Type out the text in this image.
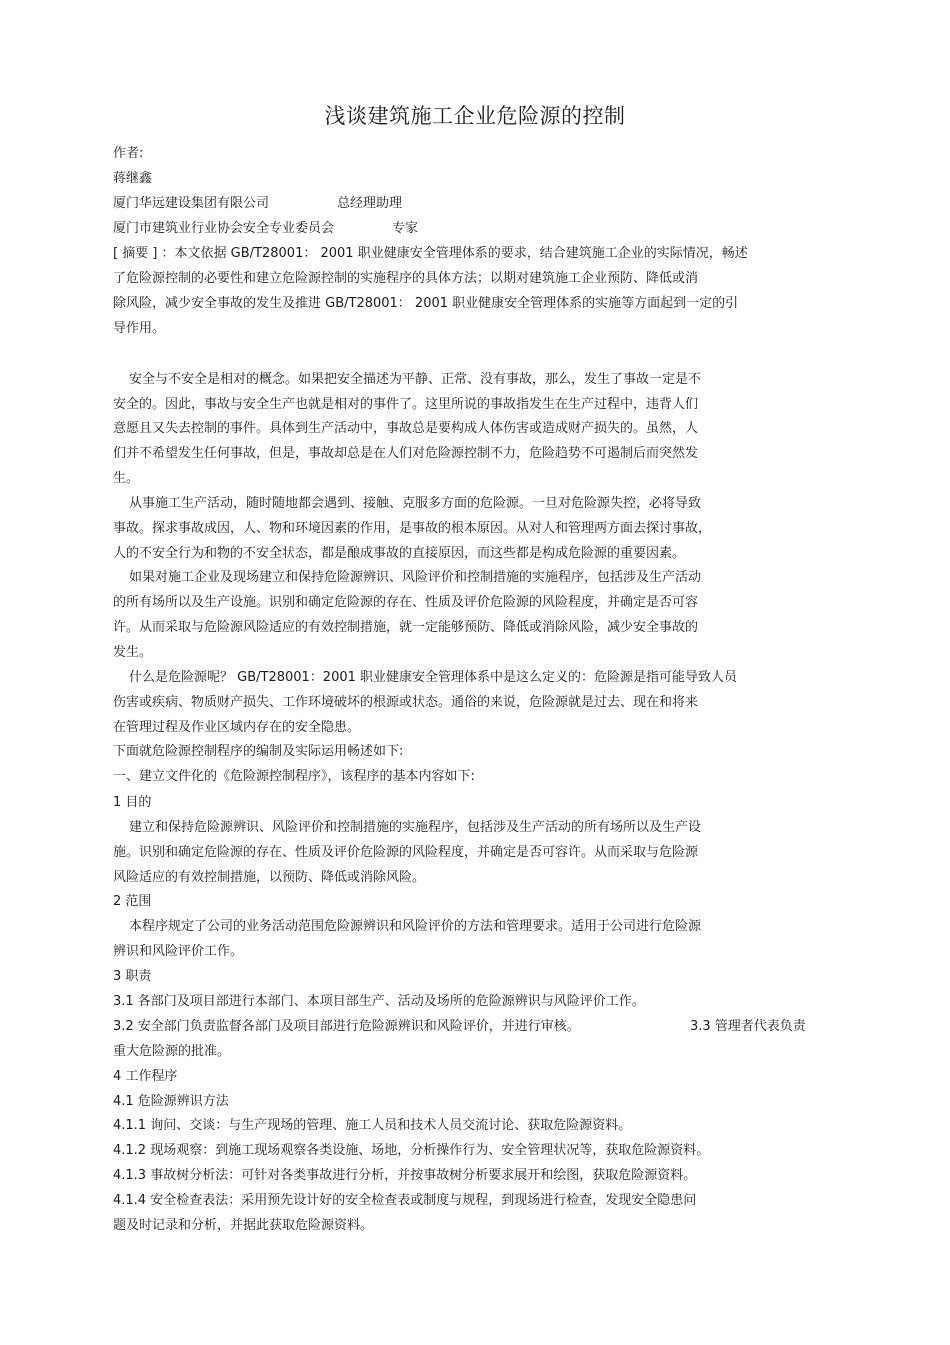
浅谈建筑施工企业危险源的控制
作者:
蒋继鑫
厦门华远建设集团有限公司	总经理助理
厦门市建筑业行业协会安全专业委员会	专家
[ 摘要 ] ：本文依据 GB/T28001： 2001 职业健康安全管理体系的要求，结合建筑施工企业的实际情况，畅述
了危险源控制的必要性和建立危险源控制的实施程序的具体方法；以期对建筑施工企业预防、降低或消
除风险，减少安全事故的发生及推进 GB/T28001： 2001 职业健康安全管理体系的实施等方面起到一定的引
导作用。
安全与不安全是相对的概念。如果把安全描述为平静、正常、没有事故，那么，发生了事故一定是不
安全的。因此，事故与安全生产也就是相对的事件了。这里所说的事故指发生在生产过程中，违背人们
意愿且又失去控制的事件。具体到生产活动中，事故总是要构成人体伤害或造成财产损失的。虽然，人
们并不希望发生任何事故，但是，事故却总是在人们对危险源控制不力，危险趋势不可遏制后而突然发
生。
从事施工生产活动，随时随地都会遇到、接触、克服多方面的危险源。一旦对危险源失控，必将导致
事故。探求事故成因，人、物和环境因素的作用，是事故的根本原因。从对人和管理两方面去探讨事故，
人的不安全行为和物的不安全状态，都是酿成事故的直接原因，而这些都是构成危险源的重要因素。
如果对施工企业及现场建立和保持危险源辨识、风险评价和控制措施的实施程序，包括涉及生产活动
的所有场所以及生产设施。识别和确定危险源的存在、性质及评价危险源的风险程度，并确定是否可容
许。从而采取与危险源风险适应的有效控制措施，就一定能够预防、降低或消除风险，减少安全事故的
发生。
什么是危险源呢？ GB/T28001：2001 职业健康安全管理体系中是这么定义的：危险源是指可能导致人员
伤害或疾病、物质财产损失、工作环境破坏的根源或状态。通俗的来说，危险源就是过去、现在和将来
在管理过程及作业区域内存在的安全隐患。
下面就危险源控制程序的编制及实际运用畅述如下:
一、建立文件化的《危险源控制程序》，该程序的基本内容如下:
1 目的
建立和保持危险源辨识、风险评价和控制措施的实施程序，包括涉及生产活动的所有场所以及生产设
施。识别和确定危险源的存在、性质及评价危险源的风险程度，并确定是否可容许。从而采取与危险源
风险适应的有效控制措施，以预防、降低或消除风险。
2 范围
本程序规定了公司的业务活动范围危险源辨识和风险评价的方法和管理要求。适用于公司进行危险源
辨识和风险评价工作。
3 职责
3.1 各部门及项目部进行本部门、本项目部生产、活动及场所的危险源辨识与风险评价工作。
3.2 安全部门负责监督各部门及项目部进行危险源辨识和风险评价，并进行审核。	3.3 管理者代表负责
重大危险源的批准。
4 工作程序
4.1 危险源辨识方法
4.1.1 询问、交谈：与生产现场的管理、施工人员和技术人员交流讨论、获取危险源资料。
4.1.2 现场观察：到施工现场观察各类设施、场地，分析操作行为、安全管理状况等，获取危险源资料。
4.1.3 事故树分析法：可针对各类事故进行分析，并按事故树分析要求展开和绘图，获取危险源资料。
4.1.4 安全检查表法：采用预先设计好的安全检查表或制度与规程，到现场进行检查，发现安全隐患问
题及时记录和分析，并据此获取危险源资料。
